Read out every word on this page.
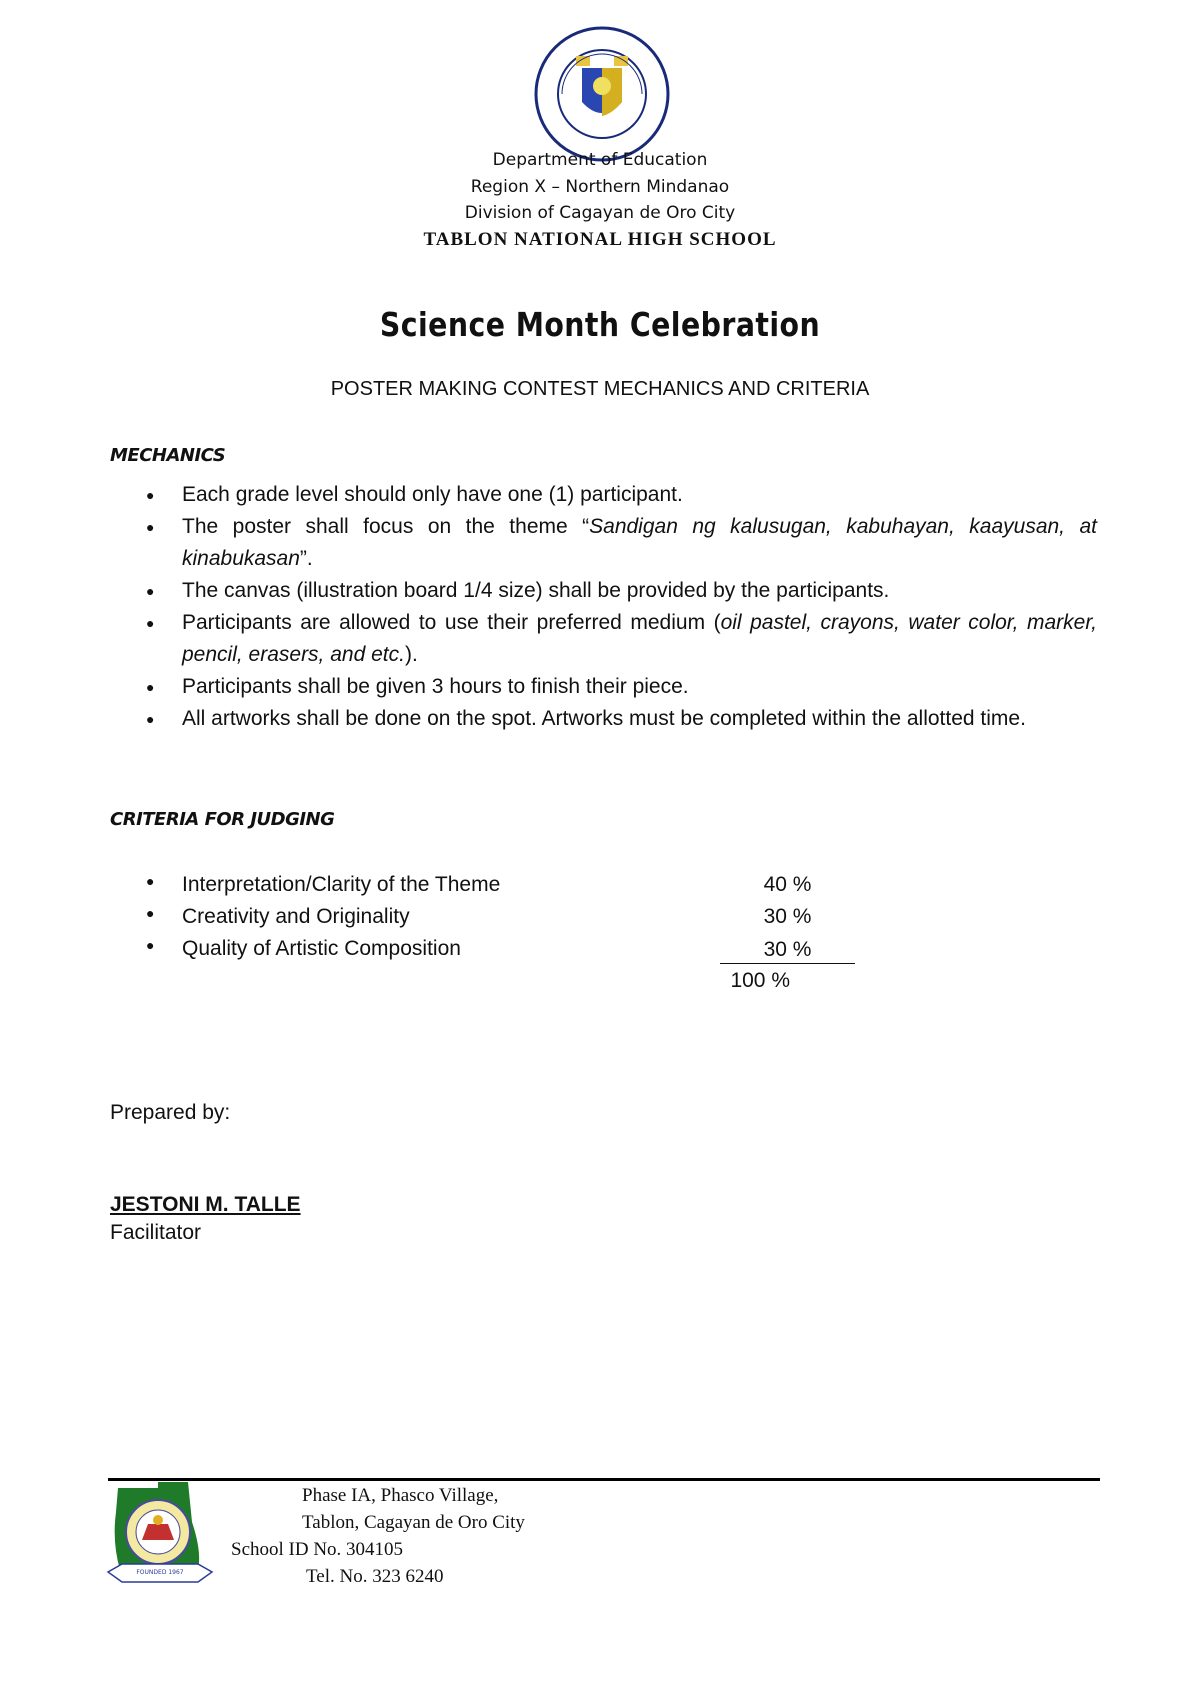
Department of Education
Region X – Northern Mindanao
Division of Cagayan de Oro City
TABLON NATIONAL HIGH SCHOOL
Science Month Celebration
POSTER MAKING CONTEST MECHANICS AND CRITERIA
MECHANICS
● Each grade level should only have one (1) participant.
● The poster shall focus on the theme “Sandigan ng kalusugan, kabuhayan, kaayusan, at kinabukasan”.
● The canvas (illustration board 1/4 size) shall be provided by the participants.
● Participants are allowed to use their preferred medium (oil pastel, crayons, water color, marker, pencil, erasers, and etc.).
● Participants shall be given 3 hours to finish their piece.
● All artworks shall be done on the spot. Artworks must be completed within the allotted time.
CRITERIA FOR JUDGING
● Interpretation/Clarity of the Theme	40 %
● Creativity and Originality	30 %
● Quality of Artistic Composition	30 %
100 %
Prepared by:
JESTONI M. TALLE
Facilitator
FOUNDED 1967
Phase IA, Phasco Village,
Tablon, Cagayan de Oro City
School ID No. 304105
Tel. No. 323 6240
